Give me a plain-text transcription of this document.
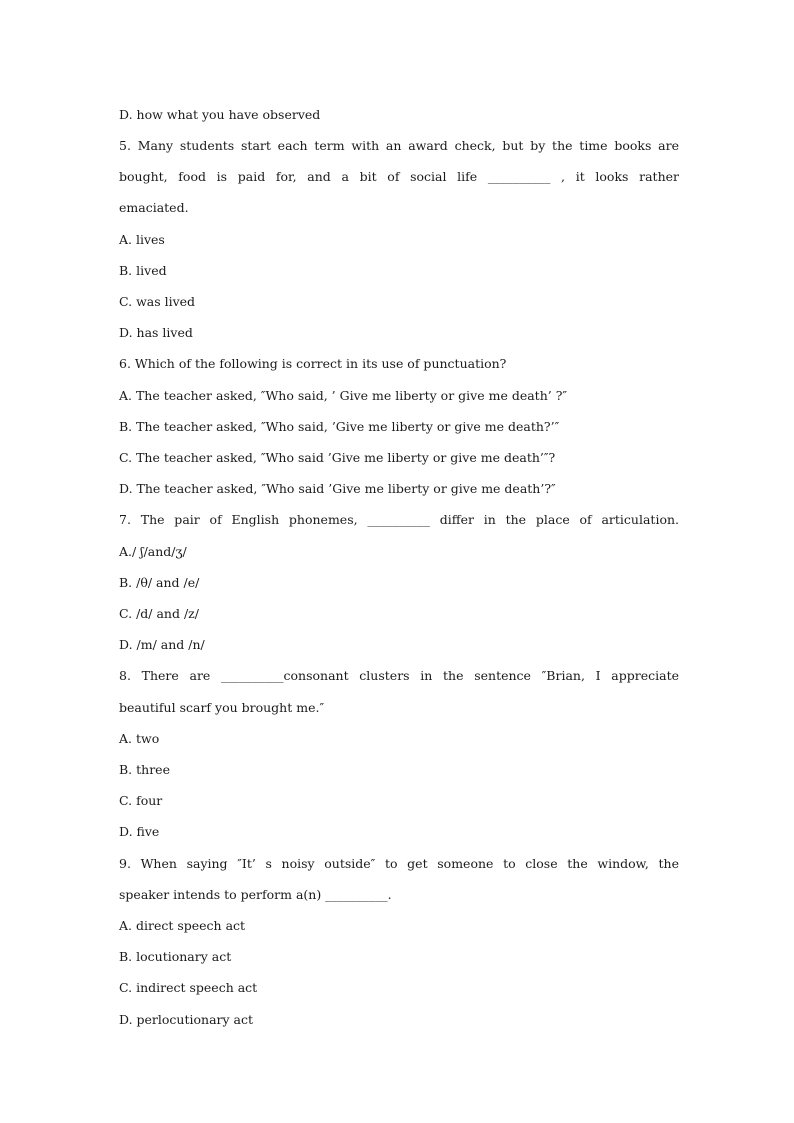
D. how what you have observed
5. Many students start each term with an award check, but by the time books are
bought, food is paid for, and a bit of social life __________ , it looks rather
emaciated.
A. lives
B. lived
C. was lived
D. has lived
6. Which of the following is correct in its use of punctuation?
A. The teacher asked, ″Who said, ’ Give me liberty or give me death’ ?″
B. The teacher asked, ″Who said, ’Give me liberty or give me death?’″
C. The teacher asked, ″Who said ’Give me liberty or give me death’″?
D. The teacher asked, ″Who said ’Give me liberty or give me death’?″
7. The pair of English phonemes, __________ differ in the place of articulation.
A./ ʃ/and/ʒ/
B. /θ/ and /e/
C. /d/ and /z/
D. /m/ and /n/
8. There are __________consonant clusters in the sentence ″Brian, I appreciate
beautiful scarf you brought me.″
A. two
B. three
C. four
D. five
9. When saying ″It’ s noisy outside″ to get someone to close the window, the
speaker intends to perform a(n) __________.
A. direct speech act
B. locutionary act
C. indirect speech act
D. perlocutionary act
